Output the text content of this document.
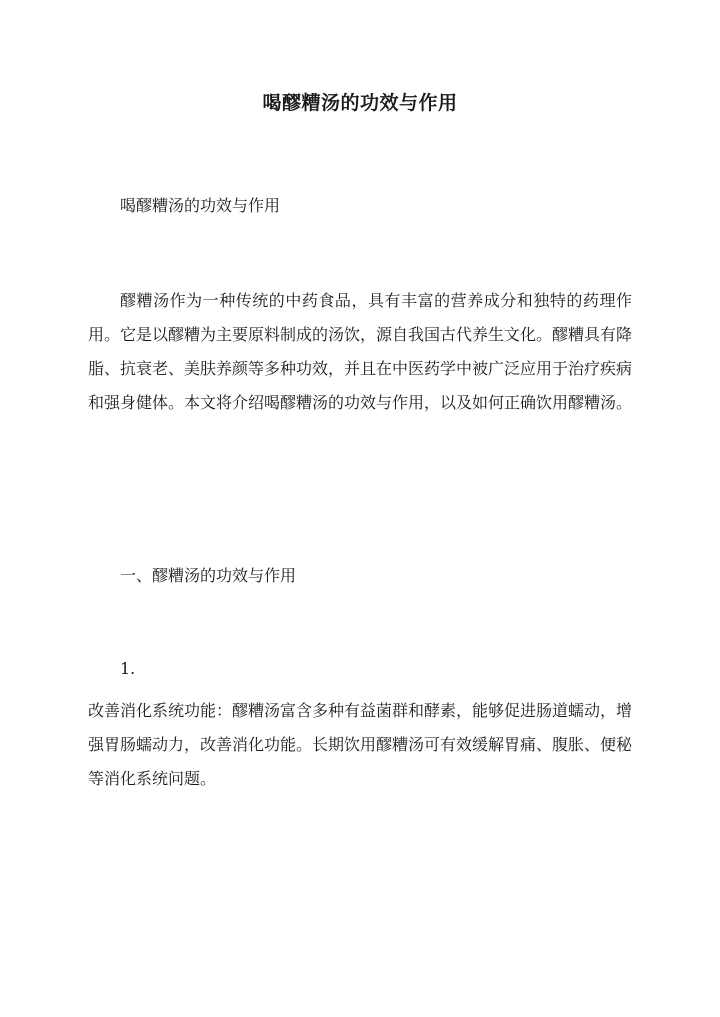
喝醪糟汤的功效与作用
喝醪糟汤的功效与作用

醪糟汤作为一种传统的中药食品，具有丰富的营养成分和独特的药理作用。它是以醪糟为主要原料制成的汤饮，源自我国古代养生文化。醪糟具有降脂、抗衰老、美肤养颜等多种功效，并且在中医药学中被广泛应用于治疗疾病和强身健体。本文将介绍喝醪糟汤的功效与作用，以及如何正确饮用醪糟汤。

一、醪糟汤的功效与作用
1.

改善消化系统功能：醪糟汤富含多种有益菌群和酵素，能够促进肠道蠕动，增强胃肠蠕动力，改善消化功能。长期饮用醪糟汤可有效缓解胃痛、腹胀、便秘等消化系统问题。
